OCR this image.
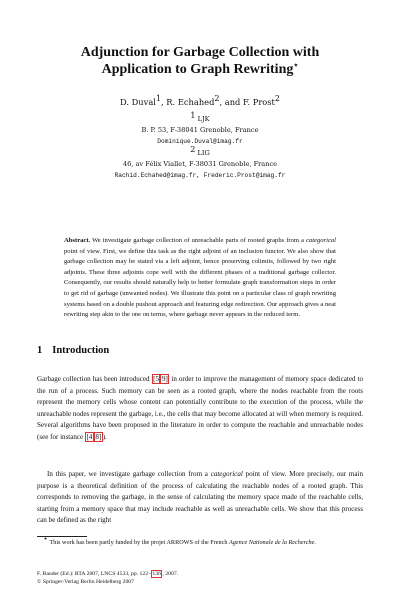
Adjunction for Garbage Collection with
Application to Graph Rewriting⋆
D. Duval1, R. Echahed2, and F. Prost2
1 LJK
B. P. 53, F-38041 Grenoble, France
Dominique.Duval@imag.fr
2 LIG
46, av Félix Viallet, F-38031 Grenoble, France
Rachid.Echahed@imag.fr, Frederic.Prost@imag.fr
Abstract. We investigate garbage collection of unreachable parts of rooted graphs from a categorical point of view. First, we define this task as the right adjoint of an inclusion functor. We also show that garbage collection may be stated via a left adjoint, hence preserving colimits, followed by two right adjoints. These three adjoints cope well with the different phases of a traditional garbage collector. Consequently, our results should naturally help to better formulate graph transformation steps in order to get rid of garbage (unwanted nodes). We illustrate this point on a particular class of graph rewriting systems based on a double pushout approach and featuring edge redirection. Our approach gives a neat rewriting step akin to the one on terms, where garbage never appears in the reduced term.
1 Introduction
Garbage collection has been introduced [5 9] in order to improve the management of memory space dedicated to the run of a process. Such memory can be seen as a rooted graph, where the nodes reachable from the roots represent the memory cells whose content can potentially contribute to the execution of the process, while the unreachable nodes represent the garbage, i.e., the cells that may become allocated at will when memory is required. Several algorithms have been proposed in the literature in order to compute the reachable and unreachable nodes (see for instance [4 8] ).
In this paper, we investigate garbage collection from a categorical point of view. More precisely, our main purpose is a theoretical definition of the process of calculating the reachable nodes of a rooted graph. This corresponds to removing the garbage, in the sense of calculating the memory space made of the reachable cells, starting from a memory space that may include reachable as well as unreachable cells. We show that this process can be defined as the right
⋆ This work has been partly funded by the projet ARROWS of the French Agence Nationale de la Recherche.
F. Bauder (Ed.): RTA 2007, LNCS 4533, pp. 122– 136 , 2007.
© Springer-Verlag Berlin Heidelberg 2007
